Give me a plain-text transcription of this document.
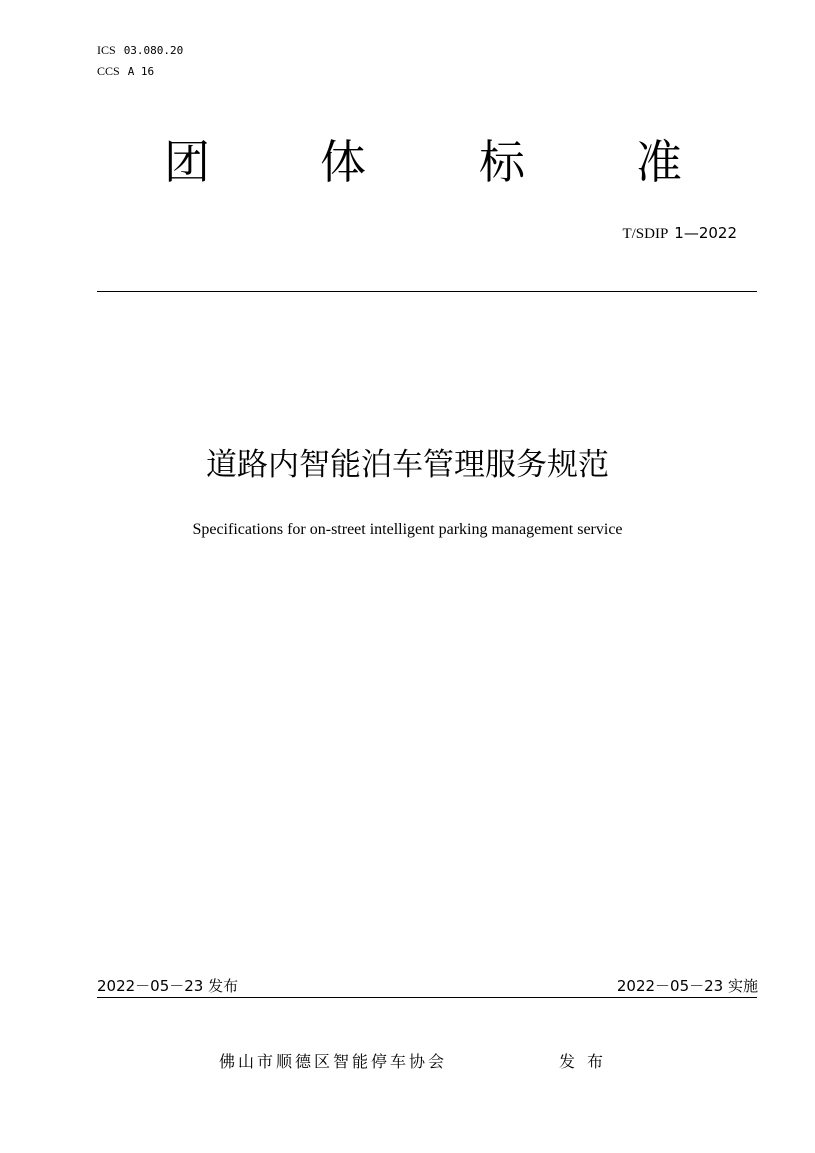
ICS 03.080.20
CCS A 16
团 体 标 准
T/SDIP 1—2022
道路内智能泊车管理服务规范
Specifications for on-street intelligent parking management service
2022－05－23 发布	2022－05－23 实施
佛山市顺德区智能停车协会	发布
